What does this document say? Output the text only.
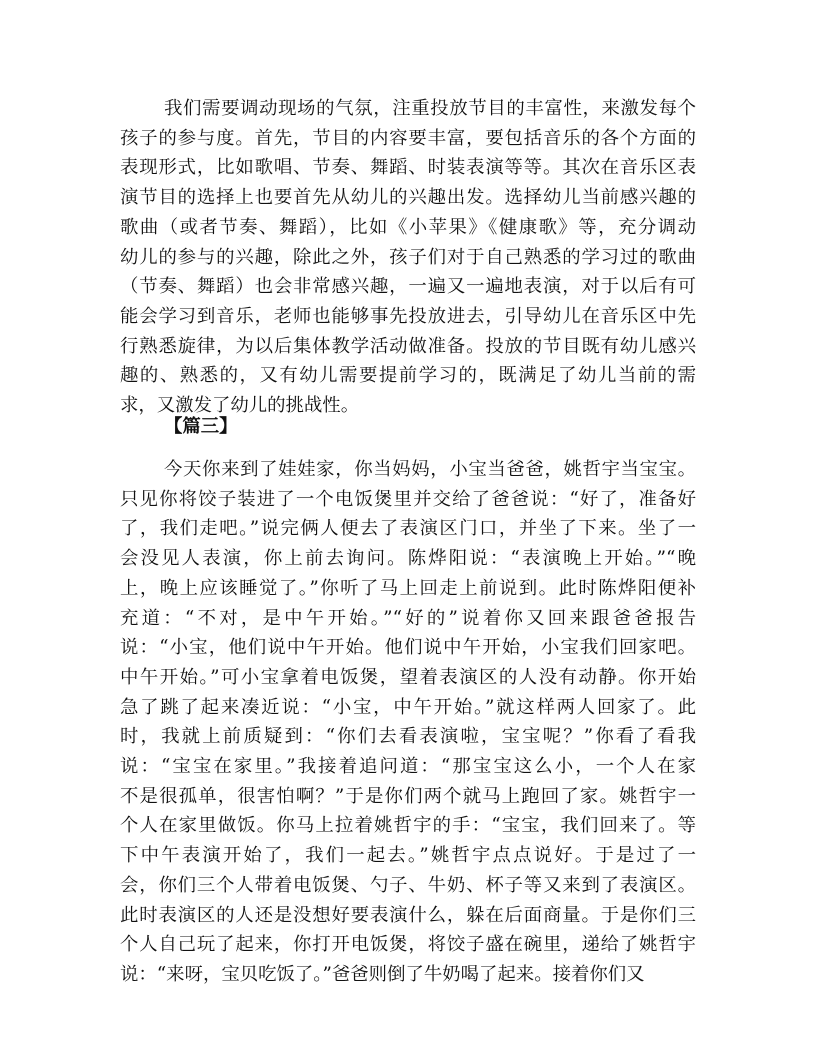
我们需要调动现场的气氛，注重投放节目的丰富性，来激发每个

孩子的参与度。首先，节目的内容要丰富，要包括音乐的各个方面的

表现形式，比如歌唱、节奏、舞蹈、时装表演等等。其次在音乐区表

演节目的选择上也要首先从幼儿的兴趣出发。选择幼儿当前感兴趣的

歌曲（或者节奏、舞蹈），比如《小苹果》《健康歌》等，充分调动

幼儿的参与的兴趣，除此之外，孩子们对于自己熟悉的学习过的歌曲

（节奏、舞蹈）也会非常感兴趣，一遍又一遍地表演，对于以后有可

能会学习到音乐，老师也能够事先投放进去，引导幼儿在音乐区中先

行熟悉旋律，为以后集体教学活动做准备。投放的节目既有幼儿感兴

趣的、熟悉的，又有幼儿需要提前学习的，既满足了幼儿当前的需

求，又激发了幼儿的挑战性。

【篇三】

今天你来到了娃娃家，你当妈妈，小宝当爸爸，姚哲宇当宝宝。

只见你将饺子装进了一个电饭煲里并交给了爸爸说：“好了，准备好

了，我们走吧。”说完俩人便去了表演区门口，并坐了下来。坐了一

会没见人表演，你上前去询问。陈烨阳说：“表演晚上开始。”“晚

上，晚上应该睡觉了。”你听了马上回走上前说到。此时陈烨阳便补

充道：“不对，是中午开始。”“好的”说着你又回来跟爸爸报告

说：“小宝，他们说中午开始。他们说中午开始，小宝我们回家吧。

中午开始。”可小宝拿着电饭煲，望着表演区的人没有动静。你开始

急了跳了起来凑近说：“小宝，中午开始。”就这样两人回家了。此

时，我就上前质疑到：“你们去看表演啦，宝宝呢？”你看了看我

说：“宝宝在家里。”我接着追问道：“那宝宝这么小，一个人在家

不是很孤单，很害怕啊？”于是你们两个就马上跑回了家。姚哲宇一

个人在家里做饭。你马上拉着姚哲宇的手：“宝宝，我们回来了。等

下中午表演开始了，我们一起去。”姚哲宇点点说好。于是过了一

会，你们三个人带着电饭煲、勺子、牛奶、杯子等又来到了表演区。

此时表演区的人还是没想好要表演什么，躲在后面商量。于是你们三

个人自己玩了起来，你打开电饭煲，将饺子盛在碗里，递给了姚哲宇

说：“来呀，宝贝吃饭了。”爸爸则倒了牛奶喝了起来。接着你们又
